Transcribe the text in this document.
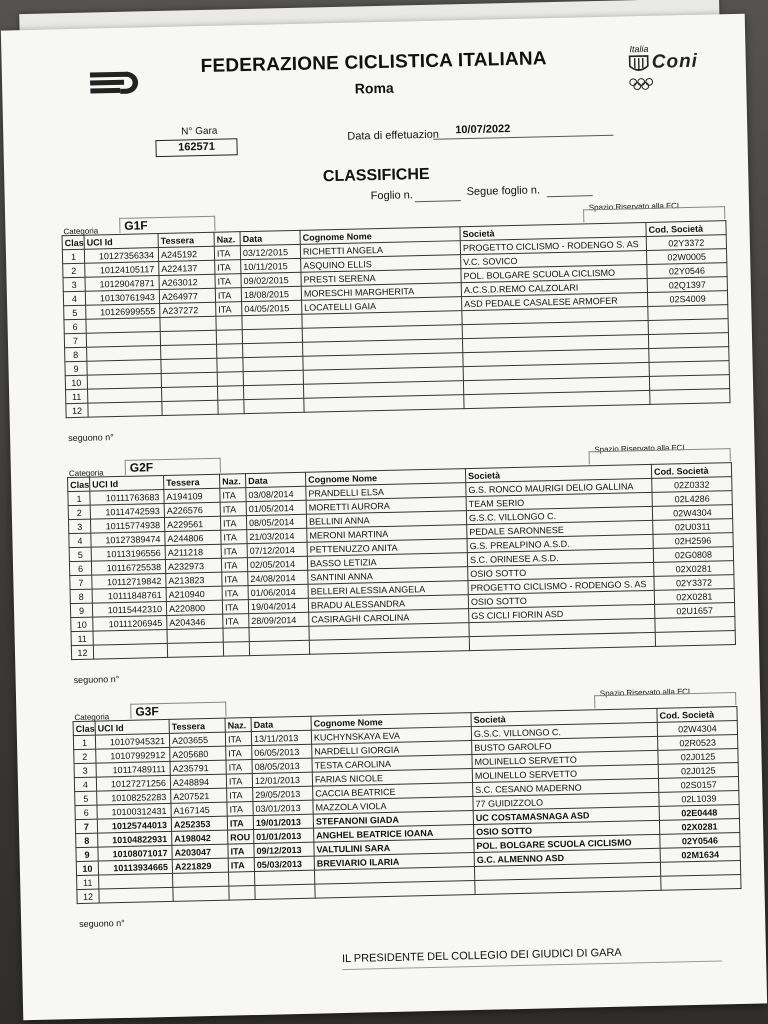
FEDERAZIONE CICLISTICA ITALIANA
Roma
Italia
Coni
N° Gara
162571
Data di effetuazion 10/07/2022
CLASSIFICHE
Foglio n.	Segue foglio n.
Categoria	G1F
Spazio Riservato alla FCI
Clas	UCI Id	Tessera	Naz.	Data	Cognome Nome	Società	Cod. Società
1	10127356334	A245192	ITA	03/12/2015	RICHETTI ANGELA	PROGETTO CICLISMO - RODENGO S. AS	02Y3372
2	10124105117	A224137	ITA	10/11/2015	ASQUINO ELLIS	V.C. SOVICO	02W0005
3	10129047871	A263012	ITA	09/02/2015	PRESTI SERENA	POL. BOLGARE SCUOLA CICLISMO	02Y0546
4	10130761943	A264977	ITA	18/08/2015	MORESCHI MARGHERITA	A.C.S.D.REMO CALZOLARI	02Q1397
5	10126999555	A237272	ITA	04/05/2015	LOCATELLI GAIA	ASD PEDALE CASALESE ARMOFER	02S4009
6							
7							
8							
9							
10							
11							
12							
seguono n°
Categoria	G2F
Spazio Riservato alla FCI
Clas	UCI Id	Tessera	Naz.	Data	Cognome Nome	Società	Cod. Società
1	10111763683	A194109	ITA	03/08/2014	PRANDELLI ELSA	G.S. RONCO MAURIGI DELIO GALLINA	02Z0332
2	10114742593	A226576	ITA	01/05/2014	MORETTI AURORA	TEAM SERIO	02L4286
3	10115774938	A229561	ITA	08/05/2014	BELLINI ANNA	G.S.C. VILLONGO C.	02W4304
4	10127389474	A244806	ITA	21/03/2014	MERONI MARTINA	PEDALE SARONNESE	02U0311
5	10113196556	A211218	ITA	07/12/2014	PETTENUZZO ANITA	G.S. PREALPINO A.S.D.	02H2596
6	10116725538	A232973	ITA	02/05/2014	BASSO LETIZIA	S.C. ORINESE A.S.D.	02G0808
7	10112719842	A213823	ITA	24/08/2014	SANTINI ANNA	OSIO SOTTO	02X0281
8	10111848761	A210940	ITA	01/06/2014	BELLERI ALESSIA ANGELA	PROGETTO CICLISMO - RODENGO S. AS	02Y3372
9	10115442310	A220800	ITA	19/04/2014	BRADU ALESSANDRA	OSIO SOTTO	02X0281
10	10111206945	A204346	ITA	28/09/2014	CASIRAGHI CAROLINA	GS CICLI FIORIN ASD	02U1657
11							
12							
seguono n°
Categoria	G3F
Spazio Riservato alla FCI
Clas	UCI Id	Tessera	Naz.	Data	Cognome Nome	Società	Cod. Società
1	10107945321	A203655	ITA	13/11/2013	KUCHYNSKAYA EVA	G.S.C. VILLONGO C.	02W4304
2	10107992912	A205680	ITA	06/05/2013	NARDELLI GIORGIA	BUSTO GAROLFO	02R0523
3	10117489111	A235791	ITA	08/05/2013	TESTA CAROLINA	MOLINELLO SERVETTO	02J0125
4	10127271256	A248894	ITA	12/01/2013	FARIAS NICOLE	MOLINELLO SERVETTO	02J0125
5	10108252283	A207521	ITA	29/05/2013	CACCIA BEATRICE	S.C. CESANO MADERNO	02S0157
6	10100312431	A167145	ITA	03/01/2013	MAZZOLA VIOLA	77 GUIDIZZOLO	02L1039
7	10125744013	A252353	ITA	19/01/2013	STEFANONI GIADA	UC COSTAMASNAGA ASD	02E0448
8	10104822931	A198042	ROU	01/01/2013	ANGHEL BEATRICE IOANA	OSIO SOTTO	02X0281
9	10108071017	A203047	ITA	09/12/2013	VALTULINI SARA	POL. BOLGARE SCUOLA CICLISMO	02Y0546
10	10113934665	A221829	ITA	05/03/2013	BREVIARIO ILARIA	G.C. ALMENNO ASD	02M1634
11							
12							
seguono n°
IL PRESIDENTE DEL COLLEGIO DEI GIUDICI DI GARA
